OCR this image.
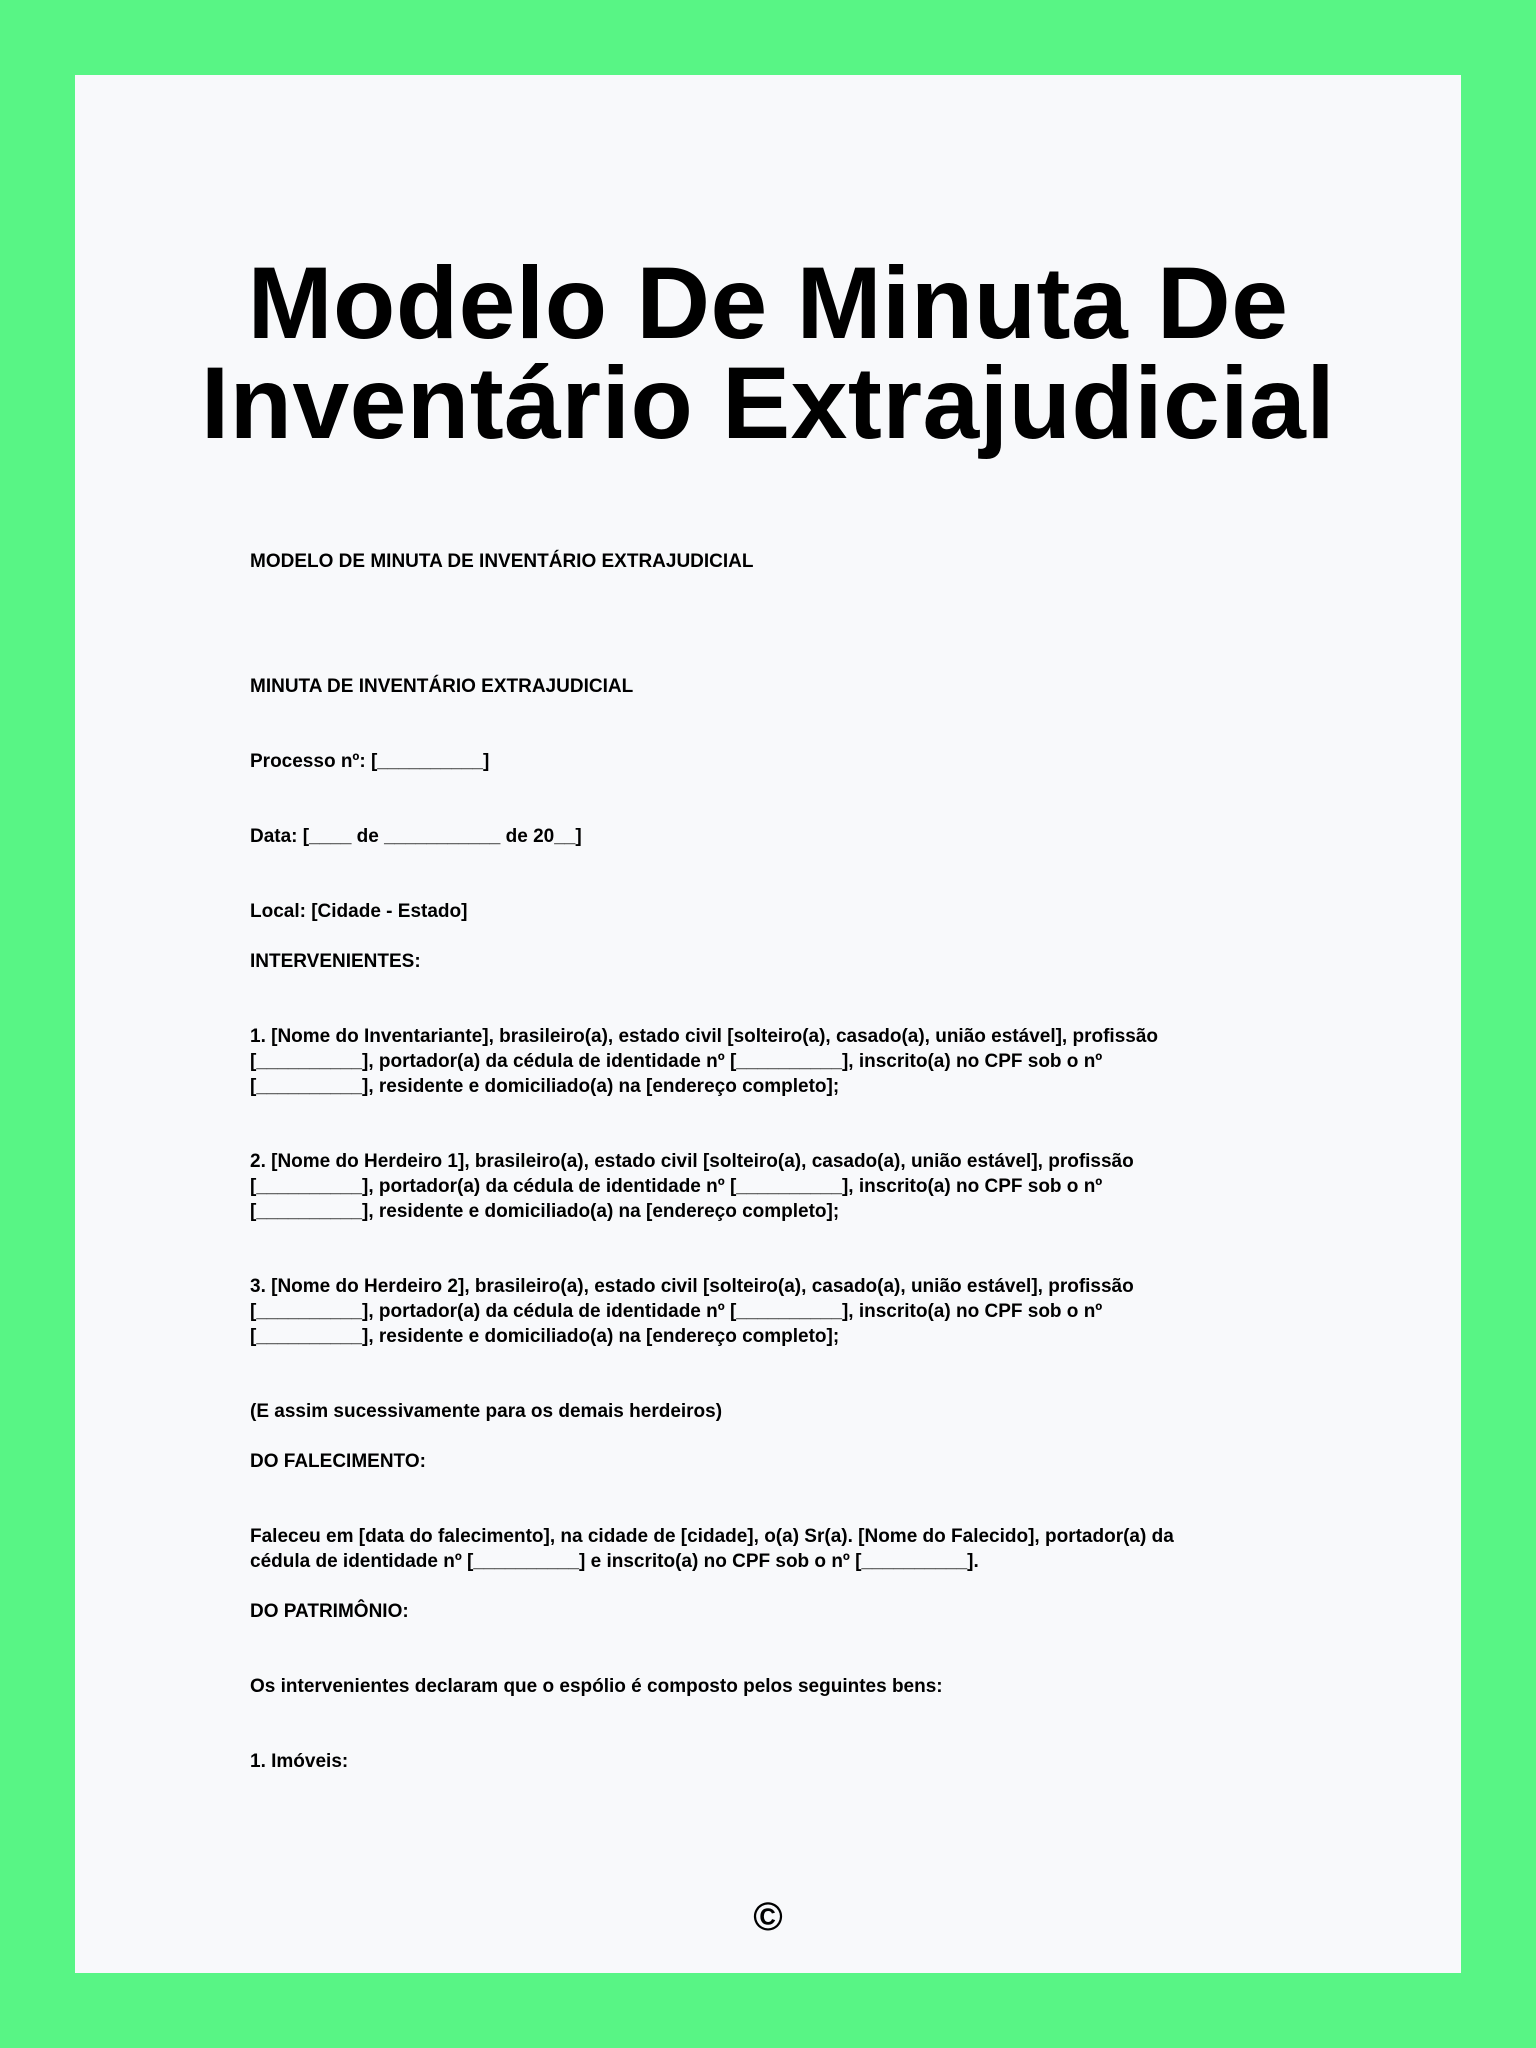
Modelo De Minuta De
Inventário Extrajudicial

MODELO DE MINUTA DE INVENTÁRIO EXTRAJUDICIAL

MINUTA DE INVENTÁRIO EXTRAJUDICIAL

Processo nº: [__________]

Data: [____ de ___________ de 20__]

Local: [Cidade - Estado]

INTERVENIENTES:

1. [Nome do Inventariante], brasileiro(a), estado civil [solteiro(a), casado(a), união estável], profissão
[__________], portador(a) da cédula de identidade nº [__________], inscrito(a) no CPF sob o nº
[__________], residente e domiciliado(a) na [endereço completo];
2. [Nome do Herdeiro 1], brasileiro(a), estado civil [solteiro(a), casado(a), união estável], profissão
[__________], portador(a) da cédula de identidade nº [__________], inscrito(a) no CPF sob o nº
[__________], residente e domiciliado(a) na [endereço completo];
3. [Nome do Herdeiro 2], brasileiro(a), estado civil [solteiro(a), casado(a), união estável], profissão
[__________], portador(a) da cédula de identidade nº [__________], inscrito(a) no CPF sob o nº
[__________], residente e domiciliado(a) na [endereço completo];

(E assim sucessivamente para os demais herdeiros)

DO FALECIMENTO:

Faleceu em [data do falecimento], na cidade de [cidade], o(a) Sr(a). [Nome do Falecido], portador(a) da
cédula de identidade nº [__________] e inscrito(a) no CPF sob o nº [__________].

DO PATRIMÔNIO:

Os intervenientes declaram que o espólio é composto pelos seguintes bens:

1. Imóveis:

©
